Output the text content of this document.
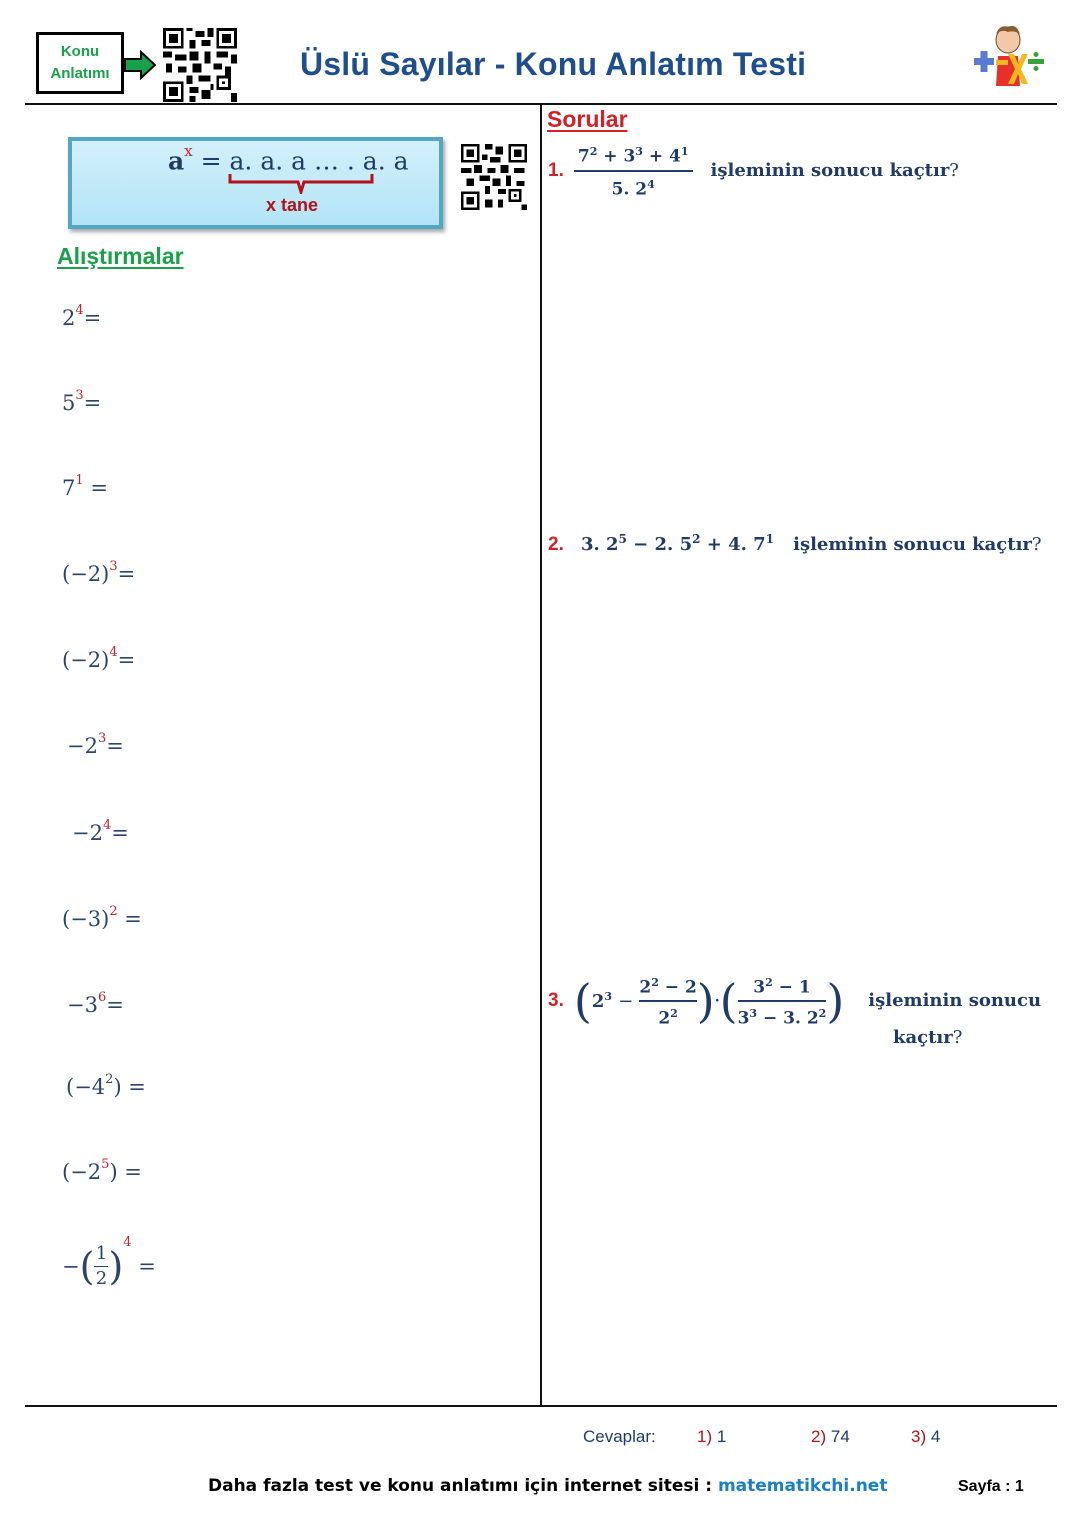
Konu
Anlatımı	Üslü Sayılar - Konu Anlatım Testi
$a^x = a$. a. a … . a. a
x tane
Alıştırmalar
$2^4=$
$5^3=$
$7^1$ =
$(-2)^3=$
$(-2)^4=$
$-2^3=$
$-2^4=$
$(-3)^2$ =
$-3^6=$
$(-4^2)$ =
$(-2^5)$ =
−( $\frac{1}{2} )^4$ =
Sorular
1. $\frac{7^2 + 3^3 + 4^1}{5. 2^4}$ işleminin sonucu kaçtır?
2. 3. $2^5 - 2$. $5^2 + 4$. $7^1$ işleminin sonucu kaçtır?
3. ( $2^3 - \frac{2^2 - 2}{2^2}$ ) · ( $\frac{3^2 - 1}{3^3 - 3. 2^2}$ ) işleminin sonucu
kaçtır?
Cevaplar: 1) 1	2) 74	3) 4
Daha fazla test ve konu anlatımı için internet sitesi : matematikchi.net	Sayfa : 1
